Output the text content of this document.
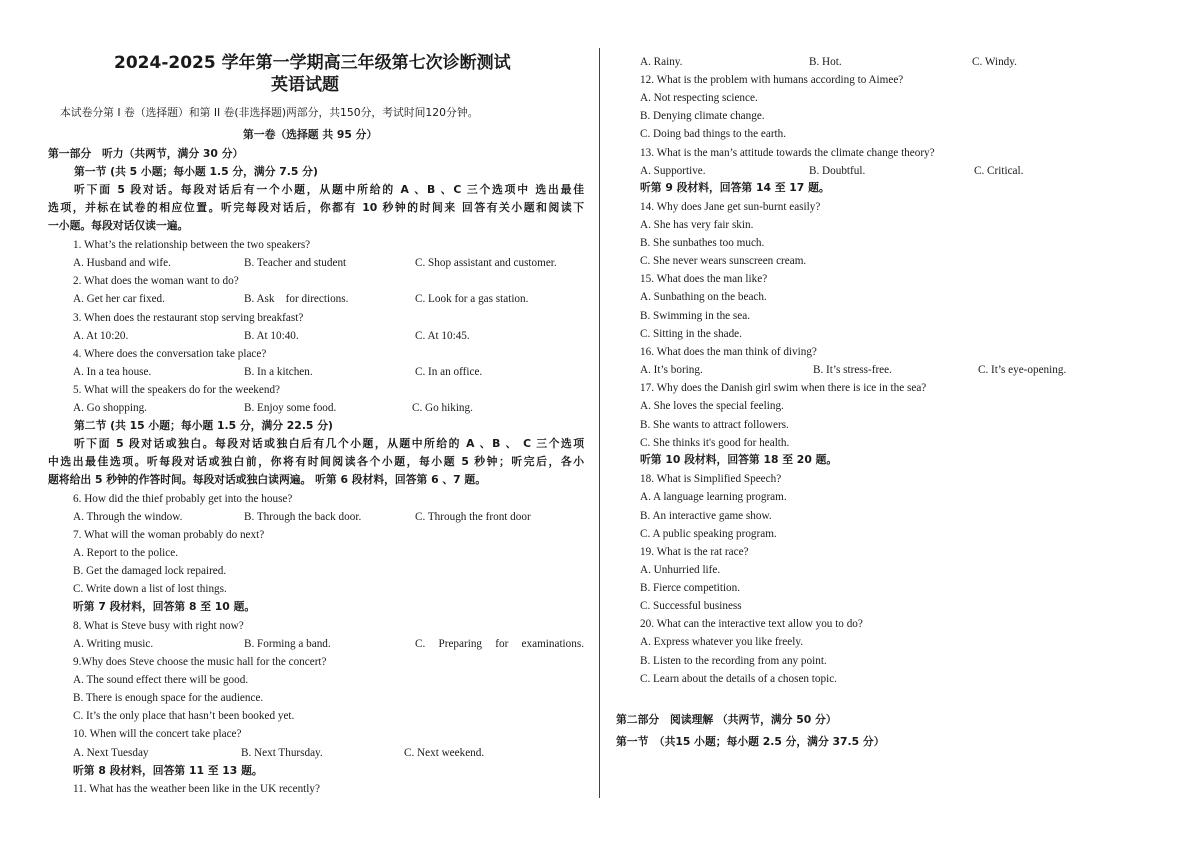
2024-2025 学年第一学期高三年级第七次诊断测试
英语试题
本试卷分第 I 卷（选择题）和第 II 卷(非选择题)两部分，共150分，考试时间120分钟。
第一卷（选择题 共 95 分）
第一部分　听力（共两节，满分 30 分）
第一节 (共 5 小题；每小题 1.5 分，满分 7.5 分)
听下面 5 段对话。每段对话后有一个小题，从题中所给的 A 、B 、C 三个选项中 选出最佳
选项，并标在试卷的相应位置。听完每段对话后，你都有 10 秒钟的时间来 回答有关小题和阅读下
一小题。每段对话仅读一遍。
1. What’s the relationship between the two speakers?
A. Husband and wife.	B. Teacher and student	C. Shop assistant and customer.
2. What does the woman want to do?
A. Get her car fixed.	B. Ask　for directions.	C. Look for a gas station.
3. When does the restaurant stop serving breakfast?
A. At 10:20.	B. At 10:40.	C. At 10:45.
4. Where does the conversation take place?
A. In a tea house.	B. In a kitchen.	C. In an office.
5. What will the speakers do for the weekend?
A. Go shopping.	B. Enjoy some food.	C. Go hiking.
第二节 (共 15 小题；每小题 1.5 分，满分 22.5 分)
听下面 5 段对话或独白。每段对话或独白后有几个小题，从题中所给的 A 、B 、 C 三个选项
中选出最佳选项。听每段对话或独白前，你将有时间阅读各个小题，每小题 5 秒钟；听完后，各小
题将给出 5 秒钟的作答时间。每段对话或独白读两遍。 听第 6 段材料，回答第 6 、7 题。
6. How did the thief probably get into the house?
A. Through the window.	B. Through the back door.	C. Through the front door
7. What will the woman probably do next?
A. Report to the police.
B. Get the damaged lock repaired.
C. Write down a list of lost things.
听第 7 段材料，回答第 8 至 10 题。
8. What is Steve busy with right now?
A. Writing music.	B. Forming a band.	C.　Preparing　for　examinations.
9.Why does Steve choose the music hall for the concert?
A. The sound effect there will be good.
B. There is enough space for the audience.
C. It’s the only place that hasn’t been booked yet.
10. When will the concert take place?
A. Next Tuesday	B. Next Thursday.	C. Next weekend.
听第 8 段材料，回答第 11 至 13 题。
11. What has the weather been like in the UK recently?
A. Rainy.	B. Hot.	C. Windy.
12. What is the problem with humans according to Aimee?
A. Not respecting science.
B. Denying climate change.
C. Doing bad things to the earth.
13. What is the man’s attitude towards the climate change theory?
A. Supportive.	B. Doubtful.	C. Critical.
听第 9 段材料，回答第 14 至 17 题。
14. Why does Jane get sun-burnt easily?
A. She has very fair skin.
B. She sunbathes too much.
C. She never wears sunscreen cream.
15. What does the man like?
A. Sunbathing on the beach.
B. Swimming in the sea.
C. Sitting in the shade.
16. What does the man think of diving?
A. It’s boring.	B. It’s stress-free.	C. It’s eye-opening.
17. Why does the Danish girl swim when there is ice in the sea?
A. She loves the special feeling.
B. She wants to attract followers.
C. She thinks it's good for health.
听第 10 段材料，回答第 18 至 20 题。
18. What is Simplified Speech?
A. A language learning program.
B. An interactive game show.
C. A public speaking program.
19. What is the rat race?
A. Unhurried life.
B. Fierce competition.
C. Successful business
20. What can the interactive text allow you to do?
A. Express whatever you like freely.
B. Listen to the recording from any point.
C. Learn about the details of a chosen topic.
第二部分　阅读理解 （共两节，满分 50 分）
第一节　（共15 小题；每小题 2.5 分，满分 37.5 分）
